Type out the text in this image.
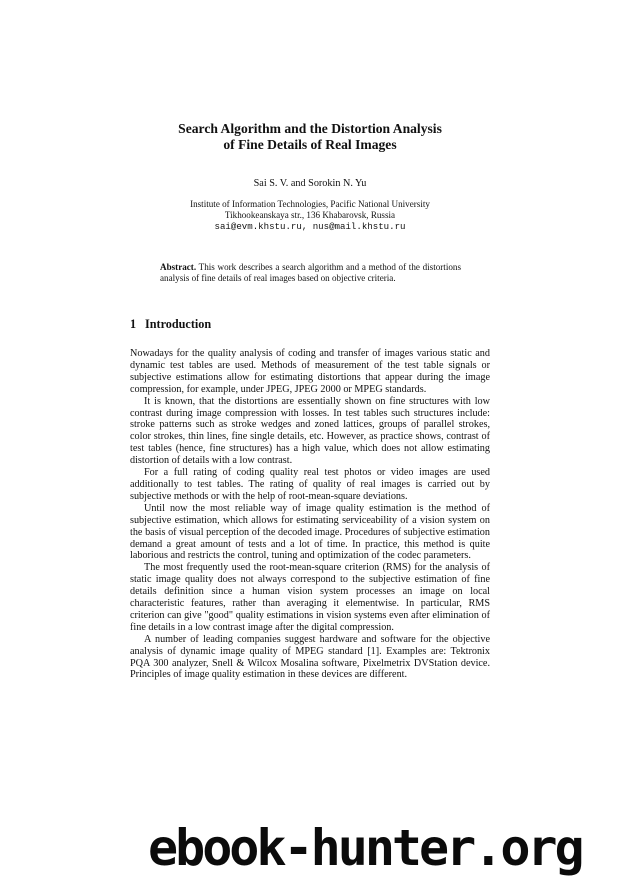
Search Algorithm and the Distortion Analysis
of Fine Details of Real Images
Sai S. V. and Sorokin N. Yu
Institute of Information Technologies, Pacific National University
Tikhookeanskaya str., 136 Khabarovsk, Russia
sai@evm.khstu.ru, nus@mail.khstu.ru
Abstract. This work describes a search algorithm and a method of the distortions analysis of fine details of real images based on objective criteria.
1 Introduction

Nowadays for the quality analysis of coding and transfer of images various static and dynamic test tables are used. Methods of measurement of the test table signals or subjective estimations allow for estimating distortions that appear during the image compression, for example, under JPEG, JPEG 2000 or MPEG standards.

It is known, that the distortions are essentially shown on fine structures with low contrast during image compression with losses. In test tables such structures include: stroke patterns such as stroke wedges and zoned lattices, groups of parallel strokes, color strokes, thin lines, fine single details, etc. However, as practice shows, contrast of test tables (hence, fine structures) has a high value, which does not allow estimating distortion of details with a low contrast.

For a full rating of coding quality real test photos or video images are used additionally to test tables. The rating of quality of real images is carried out by subjective methods or with the help of root-mean-square deviations.

Until now the most reliable way of image quality estimation is the method of subjective estimation, which allows for estimating serviceability of a vision system on the basis of visual perception of the decoded image. Procedures of subjective estimation demand a great amount of tests and a lot of time. In practice, this method is quite laborious and restricts the control, tuning and optimization of the codec parameters.

The most frequently used the root-mean-square criterion (RMS) for the analysis of static image quality does not always correspond to the subjective estimation of fine details definition since a human vision system processes an image on local characteristic features, rather than averaging it elementwise. In particular, RMS criterion can give "good" quality estimations in vision systems even after elimination of fine details in a low contrast image after the digital compression.

A number of leading companies suggest hardware and software for the objective analysis of dynamic image quality of MPEG standard [1]. Examples are: Tektronix PQA 300 analyzer, Snell & Wilcox Mosalina software, Pixelmetrix DVStation device. Principles of image quality estimation in these devices are different.

ebook-hunter.org
